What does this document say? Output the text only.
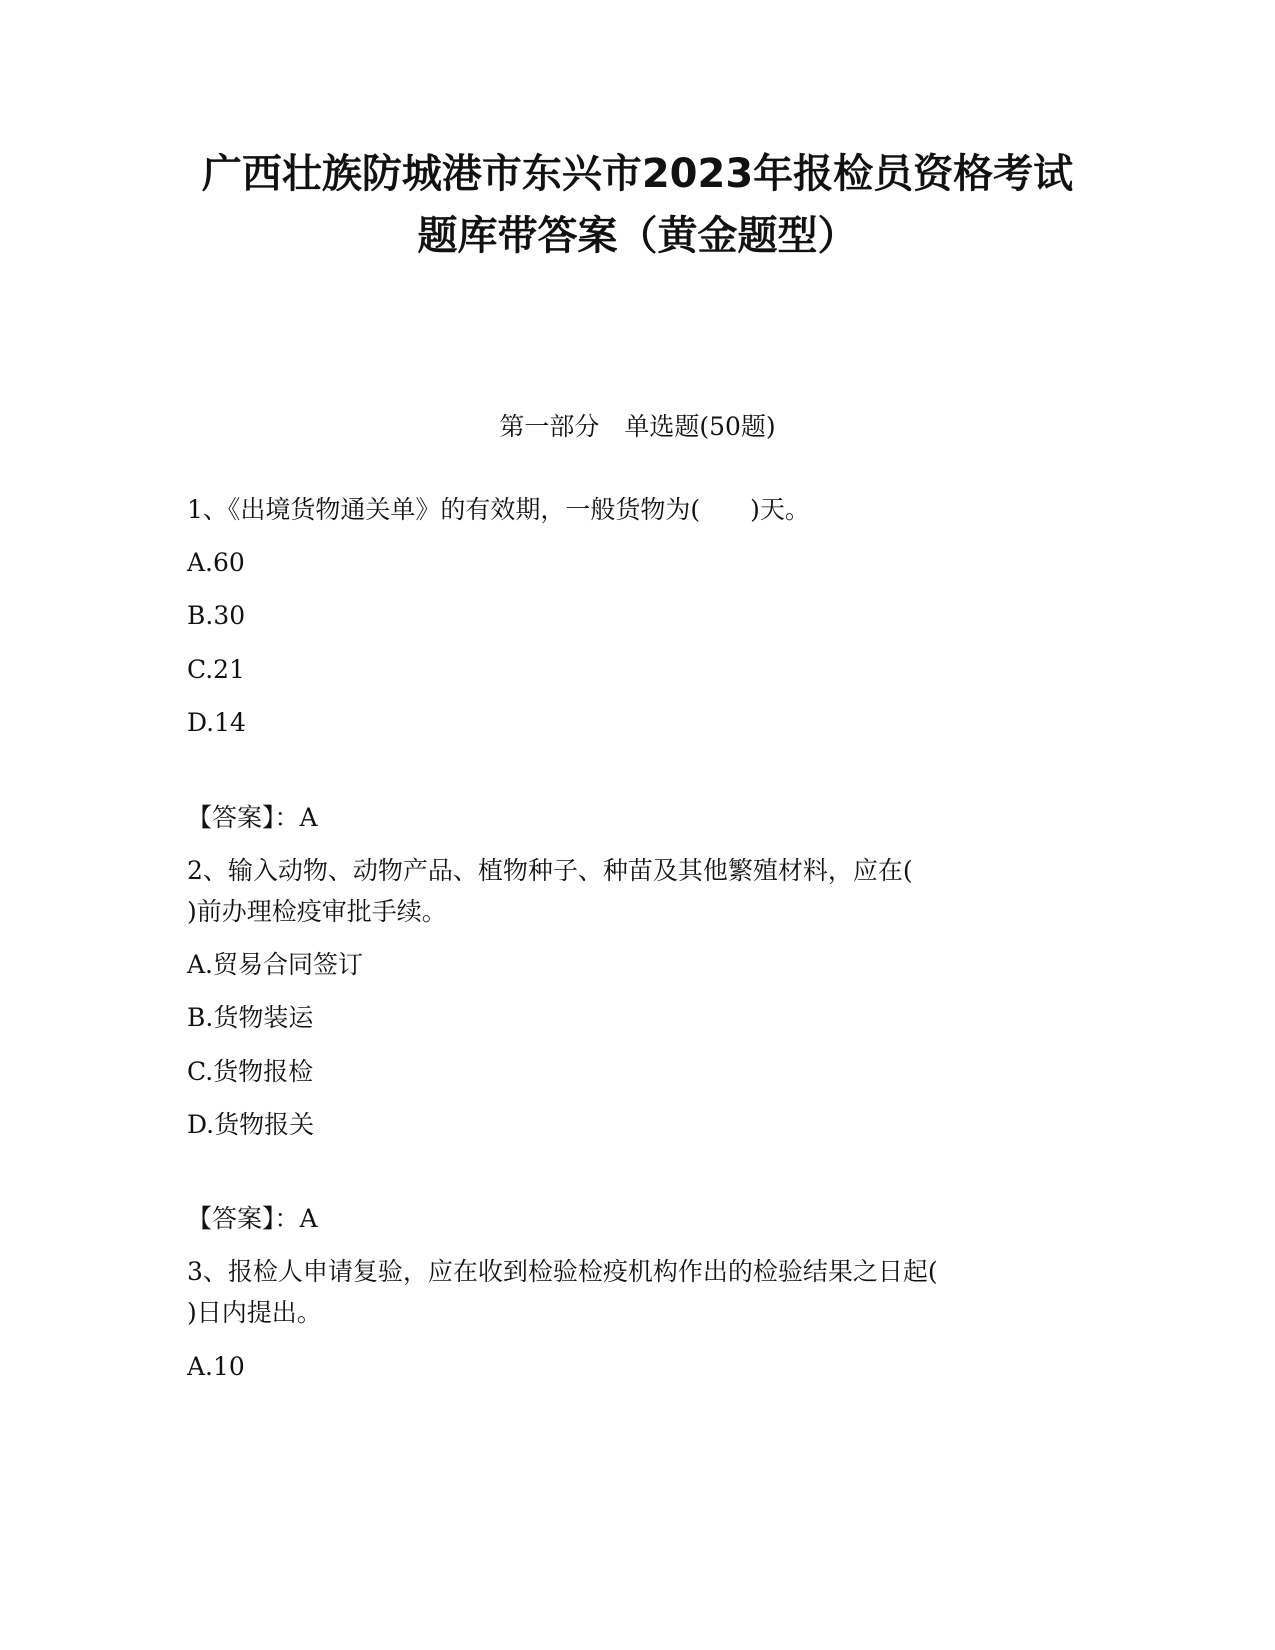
广西壮族防城港市东兴市2023年报检员资格考试
题库带答案（黄金题型）
第一部分　单选题(50题)
1、《出境货物通关单》的有效期，一般货物为(　　)天。
A.60
B.30
C.21
D.14
【答案】：A
2、输入动物、动物产品、植物种子、种苗及其他繁殖材料，应在(
)前办理检疫审批手续。
A.贸易合同签订
B.货物装运
C.货物报检
D.货物报关
【答案】：A
3、报检人申请复验，应在收到检验检疫机构作出的检验结果之日起(
)日内提出。
A.10
